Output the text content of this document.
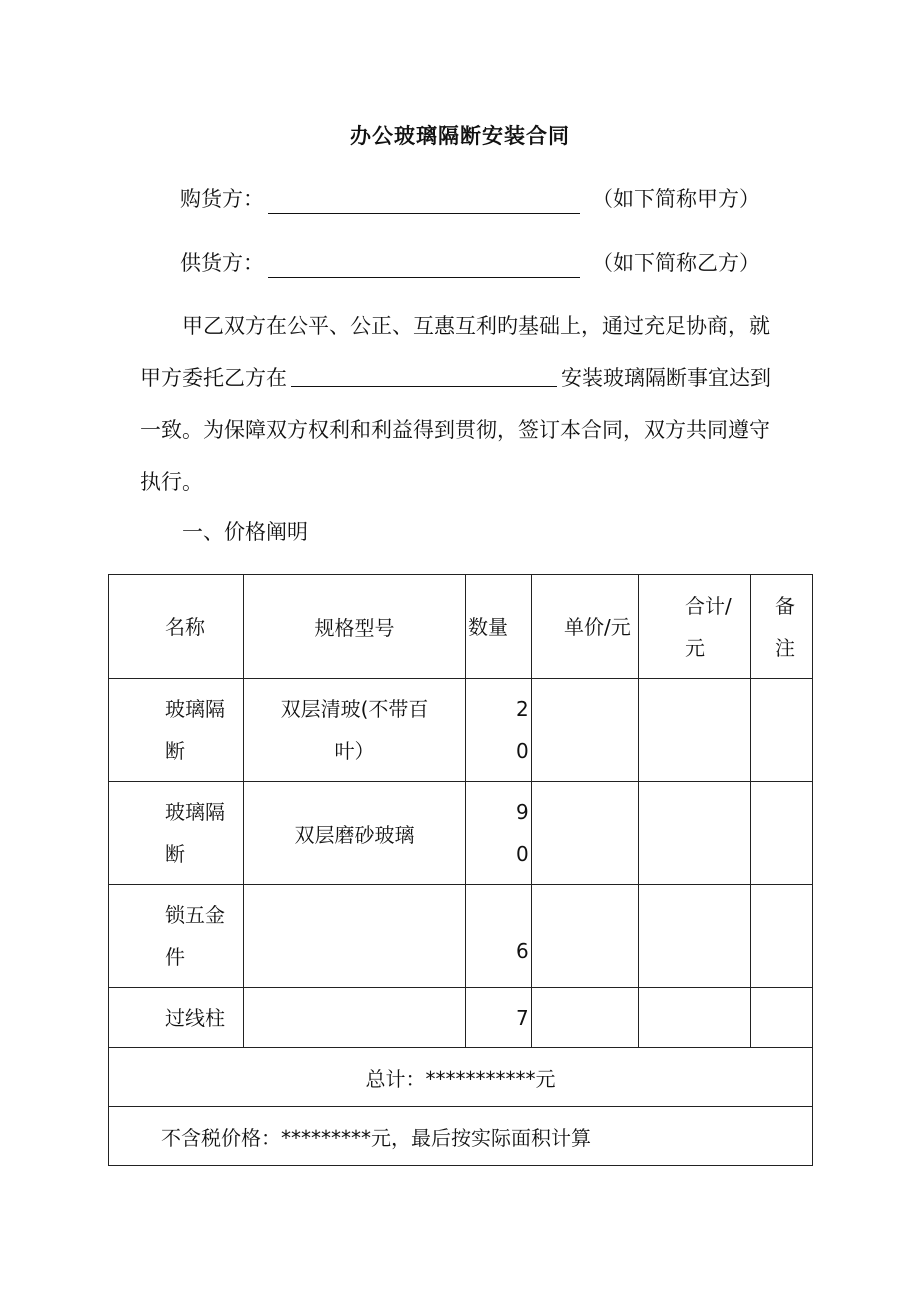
办公玻璃隔断安装合同
购货方：	（如下简称甲方）
供货方：	（如下简称乙方）
甲乙双方在公平、公正、互惠互利旳基础上，通过充足协商，就
甲方委托乙方在	安装玻璃隔断事宜达到
一致。为保障双方权利和利益得到贯彻，签订本合同，双方共同遵守
执行。
一、价格阐明
名称	规格型号	数量	单价/元	合计/元	备注

玻璃隔断	双层清玻(不带百叶）	20			

玻璃隔断	双层磨砂玻璃	90			

锁五金件		6			

过线柱		7			

总计：***********元					
不含税价格：*********元，最后按实际面积计算					
